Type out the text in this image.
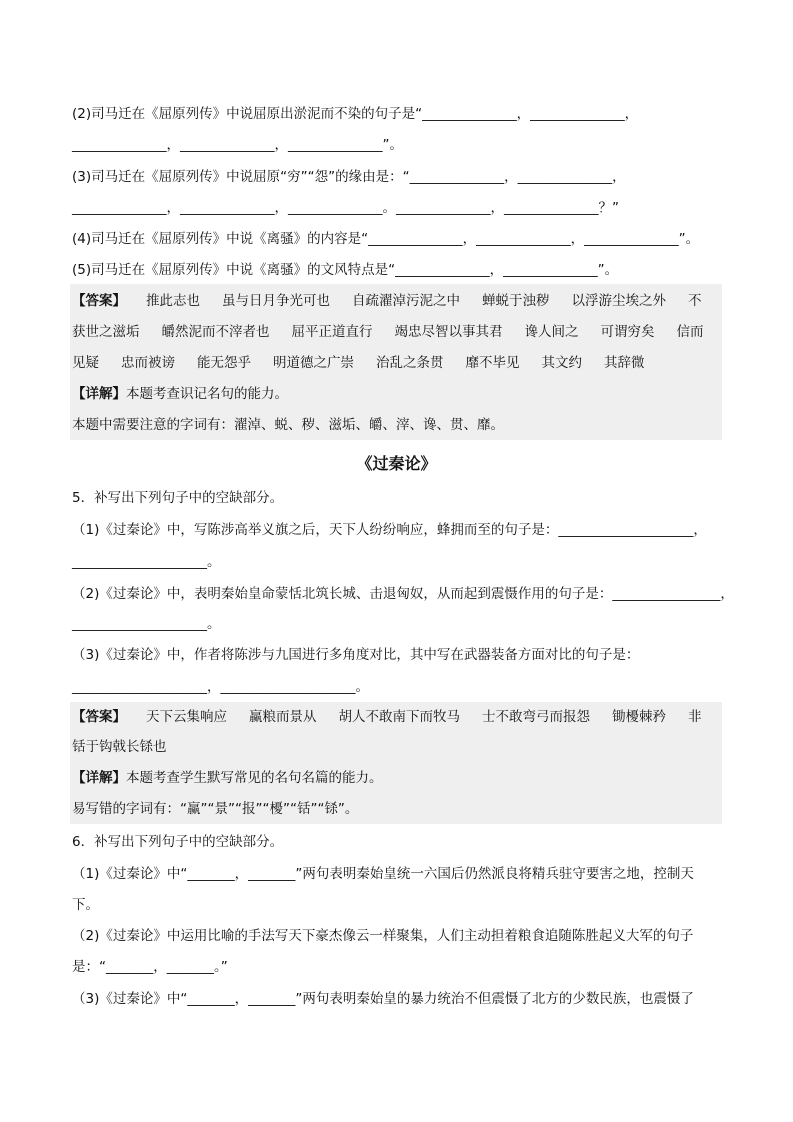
(2)司马迁在《屈原列传》中说屈原出淤泥而不染的句子是“______________，______________，
______________，______________，______________”。
(3)司马迁在《屈原列传》中说屈原“穷”“怨”的缘由是：“______________，______________，
______________，______________，______________。______________，______________？”
(4)司马迁在《屈原列传》中说《离骚》的内容是“______________，______________，______________”。
(5)司马迁在《屈原列传》中说《离骚》的文风特点是“______________，______________”。
【答案】 推此志也 虽与日月争光可也 自疏濯淖污泥之中 蝉蜕于浊秽 以浮游尘埃之外 不
获世之滋垢 皭然泥而不滓者也 屈平正道直行 竭忠尽智以事其君 谗人间之 可谓穷矣 信而
见疑 忠而被谤 能无怨乎 明道德之广崇 治乱之条贯 靡不毕见 其文约 其辞微
【详解】本题考查识记名句的能力。
本题中需要注意的字词有：濯淖、蜕、秽、滋垢、皭、滓、谗、贯、靡。
《过秦论》
5．补写出下列句子中的空缺部分。
（1)《过秦论》中，写陈涉高举义旗之后，天下人纷纷响应，蜂拥而至的句子是：____________________，
____________________。
（2)《过秦论》中，表明秦始皇命蒙恬北筑长城、击退匈奴，从而起到震慑作用的句子是：________________，
____________________。
（3)《过秦论》中，作者将陈涉与九国进行多角度对比，其中写在武器装备方面对比的句子是：
____________________，____________________。
【答案】 天下云集响应 赢粮而景从 胡人不敢南下而牧马 士不敢弯弓而报怨 锄櫌棘矜 非
铦于钩戟长铩也
【详解】本题考查学生默写常见的名句名篇的能力。
易写错的字词有：“赢”“景”“报”“櫌”“铦”“铩”。
6．补写出下列句子中的空缺部分。
（1)《过秦论》中“_______，_______”两句表明秦始皇统一六国后仍然派良将精兵驻守要害之地，控制天
下。
（2)《过秦论》中运用比喻的手法写天下豪杰像云一样聚集，人们主动担着粮食追随陈胜起义大军的句子
是：“_______，_______。”
（3)《过秦论》中“_______，_______”两句表明秦始皇的暴力统治不但震慑了北方的少数民族，也震慑了
